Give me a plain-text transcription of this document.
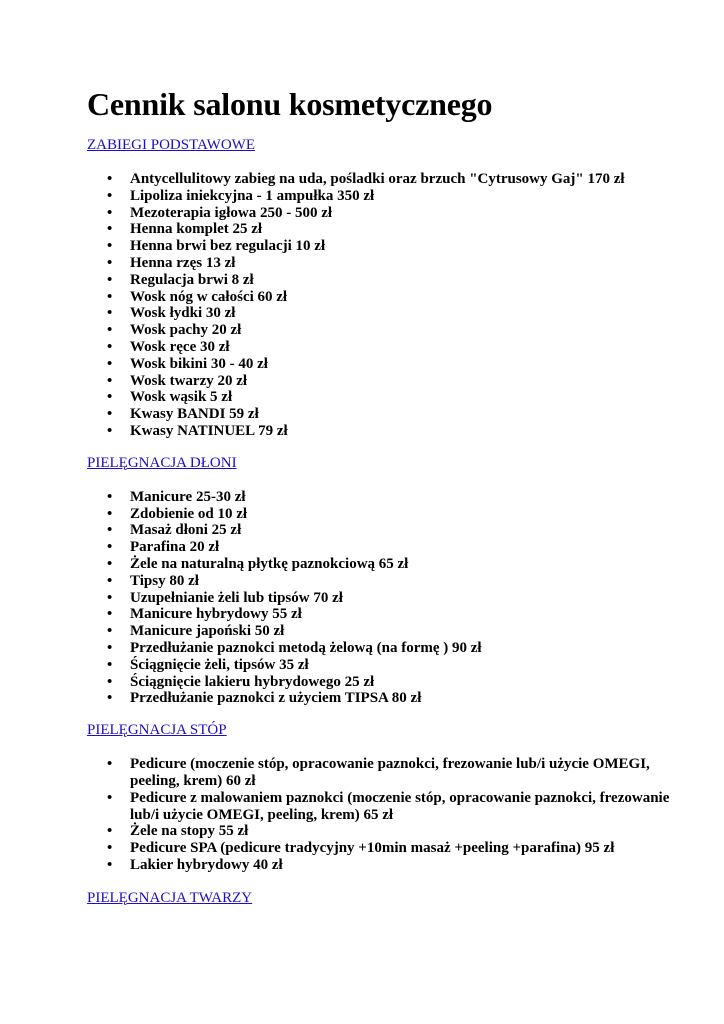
Cennik salonu kosmetycznego
ZABIEGI PODSTAWOWE
• Antycellulitowy zabieg na uda, pośladki oraz brzuch "Cytrusowy Gaj" 170 zł
• Lipoliza iniekcyjna - 1 ampułka 350 zł
• Mezoterapia igłowa 250 - 500 zł
• Henna komplet 25 zł
• Henna brwi bez regulacji 10 zł
• Henna rzęs 13 zł
• Regulacja brwi 8 zł
• Wosk nóg w całości 60 zł
• Wosk łydki 30 zł
• Wosk pachy 20 zł
• Wosk ręce 30 zł
• Wosk bikini 30 - 40 zł
• Wosk twarzy 20 zł
• Wosk wąsik 5 zł
• Kwasy BANDI 59 zł
• Kwasy NATINUEL 79 zł
PIELĘGNACJA DŁONI
• Manicure 25-30 zł
• Zdobienie od 10 zł
• Masaż dłoni 25 zł
• Parafina 20 zł
• Żele na naturalną płytkę paznokciową 65 zł
• Tipsy 80 zł
• Uzupełnianie żeli lub tipsów 70 zł
• Manicure hybrydowy 55 zł
• Manicure japoński 50 zł
• Przedłużanie paznokci metodą żelową (na formę ) 90 zł
• Ściągnięcie żeli, tipsów 35 zł
• Ściągnięcie lakieru hybrydowego 25 zł
• Przedłużanie paznokci z użyciem TIPSA 80 zł
PIELĘGNACJA STÓP
• Pedicure (moczenie stóp, opracowanie paznokci, frezowanie lub/i użycie OMEGI, peeling, krem) 60 zł
• Pedicure z malowaniem paznokci (moczenie stóp, opracowanie paznokci, frezowanie lub/i użycie OMEGI, peeling, krem) 65 zł
• Żele na stopy 55 zł
• Pedicure SPA (pedicure tradycyjny +10min masaż +peeling +parafina) 95 zł
• Lakier hybrydowy 40 zł
PIELĘGNACJA TWARZY
